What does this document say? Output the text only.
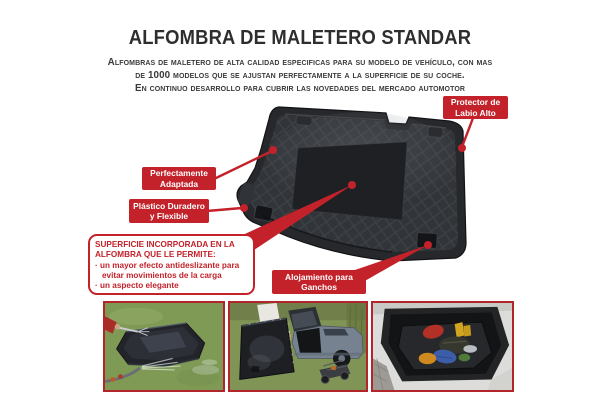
ALFOMBRA DE MALETERO STANDAR
Alfombras de maletero de alta calidad especificas para su modelo de vehículo, con mas
de 1000 modelos que se ajustan perfectamente a la superficie de su coche.
En continuo desarrollo para cubrir las novedades del mercado automotor
Protector de Labio Alto
Perfectamente Adaptada
Plástico Duradero y Flexible
Alojamiento para Ganchos
SUPERFICIE INCORPORADA EN LA ALFOMBRA QUE LE PERMITE:
· un mayor efecto antideslizante para evitar movimientos de la carga
· un aspecto elegante
